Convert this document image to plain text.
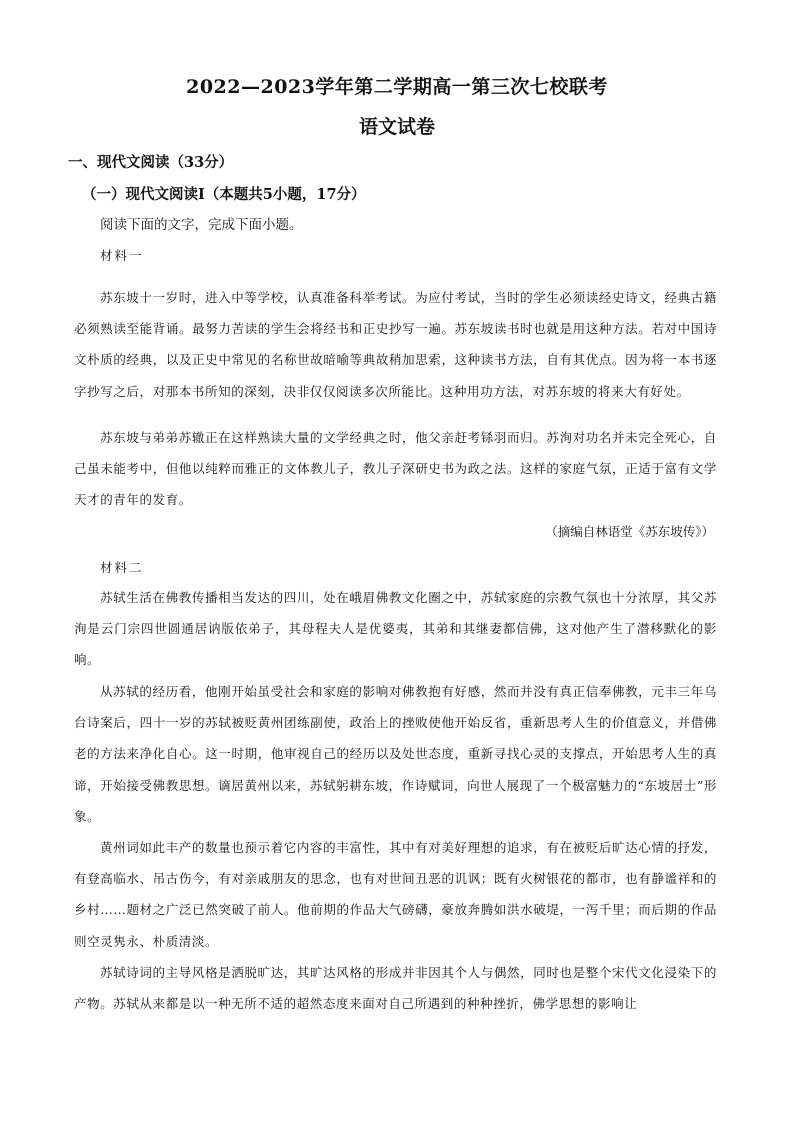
2022—2023学年第二学期高一第三次七校联考
语文试卷
一、现代文阅读（33分）
（一）现代文阅读Ⅰ（本题共5小题，17分）
阅读下面的文字，完成下面小题。
材料一

苏东坡十一岁时，进入中等学校，认真准备科举考试。为应付考试，当时的学生必须读经史诗文，经典古籍必须熟读至能背诵。最努力苦读的学生会将经书和正史抄写一遍。苏东坡读书时也就是用这种方法。若对中国诗文朴质的经典，以及正史中常见的名称世故暗喻等典故稍加思索，这种读书方法，自有其优点。因为将一本书逐字抄写之后，对那本书所知的深刻，决非仅仅阅读多次所能比。这种用功方法，对苏东坡的将来大有好处。

苏东坡与弟弟苏辙正在这样熟读大量的文学经典之时，他父亲赶考铩羽而归。苏洵对功名并未完全死心，自己虽未能考中，但他以纯粹而雅正的文体教儿子，教儿子深研史书为政之法。这样的家庭气氛，正适于富有文学天才的青年的发育。

（摘编自林语堂《苏东坡传》）
材料二

苏轼生活在佛教传播相当发达的四川，处在峨眉佛教文化圈之中，苏轼家庭的宗教气氛也十分浓厚，其父苏洵是云门宗四世圆通居讷版依弟子，其母程夫人是优婆夷，其弟和其继妻都信佛，这对他产生了潜移默化的影响。

从苏轼的经历看，他刚开始虽受社会和家庭的影响对佛教抱有好感，然而并没有真正信奉佛教，元丰三年乌台诗案后，四十一岁的苏轼被贬黄州团练副使，政治上的挫败使他开始反省，重新思考人生的价值意义，并借佛老的方法来净化自心。这一时期，他审视自己的经历以及处世态度，重新寻找心灵的支撑点，开始思考人生的真谛，开始接受佛教思想。谪居黄州以来，苏轼躬耕东坡，作诗赋词，向世人展现了一个极富魅力的“东坡居士”形象。

黄州词如此丰产的数量也预示着它内容的丰富性，其中有对美好理想的追求，有在被贬后旷达心情的抒发，有登高临水、吊古伤今，有对亲戚朋友的思念，也有对世间丑恶的讥讽；既有火树银花的都市，也有静谧祥和的乡村……题材之广泛已然突破了前人。他前期的作品大气磅礴，豪放奔腾如洪水破堤，一泻千里；而后期的作品则空灵隽永、朴质清淡。

苏轼诗词的主导风格是洒脱旷达，其旷达风格的形成并非因其个人与偶然，同时也是整个宋代文化浸染下的产物。苏轼从来都是以一种无所不适的超然态度来面对自己所遇到的种种挫折，佛学思想的影响让
